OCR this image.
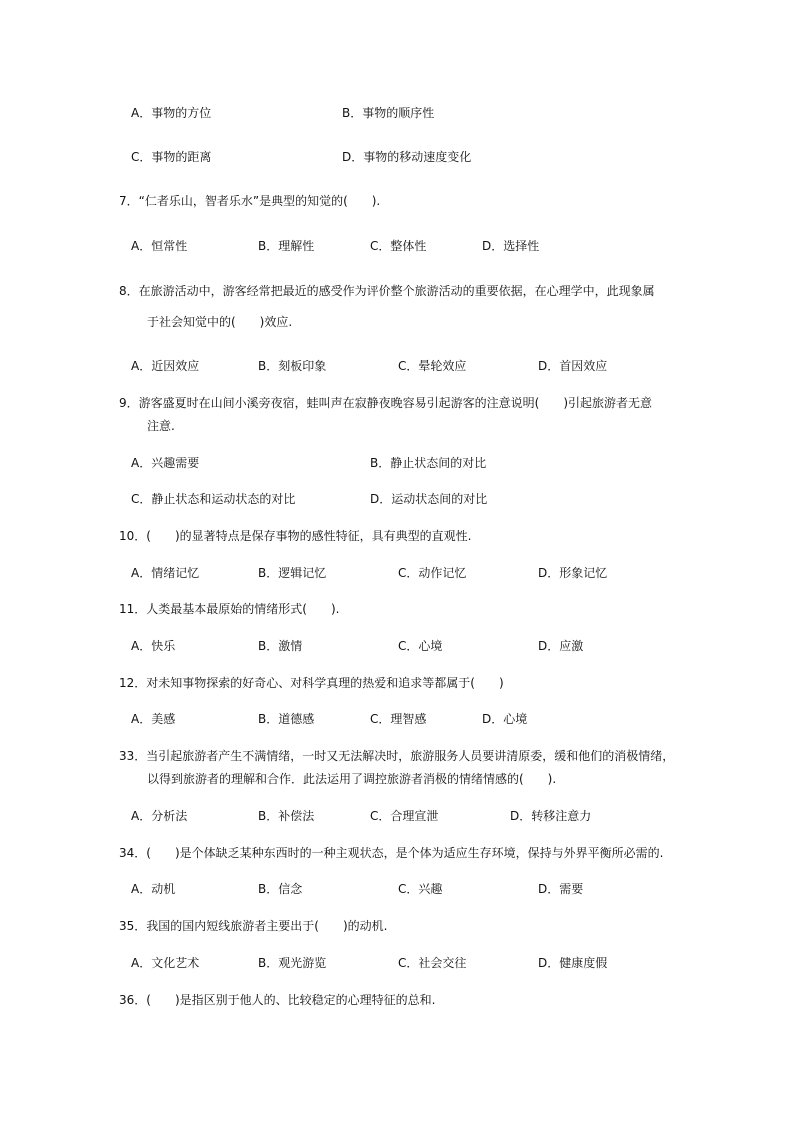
A．事物的方位	B．事物的顺序性
C．事物的距离	D．事物的移动速度变化
7．“仁者乐山，智者乐水”是典型的知觉的(　　).
A．恒常性	B．理解性	C．整体性	D．选择性
8．在旅游活动中，游客经常把最近的感受作为评价整个旅游活动的重要依据，在心理学中，此现象属
于社会知觉中的(　　)效应.
A．近因效应	B．刻板印象	C．晕轮效应	D．首因效应
9．游客盛夏时在山间小溪旁夜宿，蛙叫声在寂静夜晚容易引起游客的注意说明(　　)引起旅游者无意
注意.
A．兴趣需要	B．静止状态间的对比
C．静止状态和运动状态的对比	D．运动状态间的对比
10．(　　)的显著特点是保存事物的感性特征，具有典型的直观性.
A．情绪记忆	B．逻辑记忆	C．动作记忆	D．形象记忆
11．人类最基本最原始的情绪形式(　　).
A．快乐	B．激情	C．心境	D．应激
12．对未知事物探索的好奇心、对科学真理的热爱和追求等都属于(　　)
A．美感	B．道德感	C．理智感	D．心境
33．当引起旅游者产生不满情绪，一时又无法解决时，旅游服务人员要讲清原委，缓和他们的消极情绪，
以得到旅游者的理解和合作．此法运用了调控旅游者消极的情绪情感的(　　).
A．分析法	B．补偿法	C．合理宣泄	D．转移注意力
34．(　　)是个体缺乏某种东西时的一种主观状态，是个体为适应生存环境，保持与外界平衡所必需的.
A．动机	B．信念	C．兴趣	D．需要
35．我国的国内短线旅游者主要出于(　　)的动机.
A．文化艺术	B．观光游览	C．社会交往	D．健康度假
36．(　　)是指区别于他人的、比较稳定的心理特征的总和.
